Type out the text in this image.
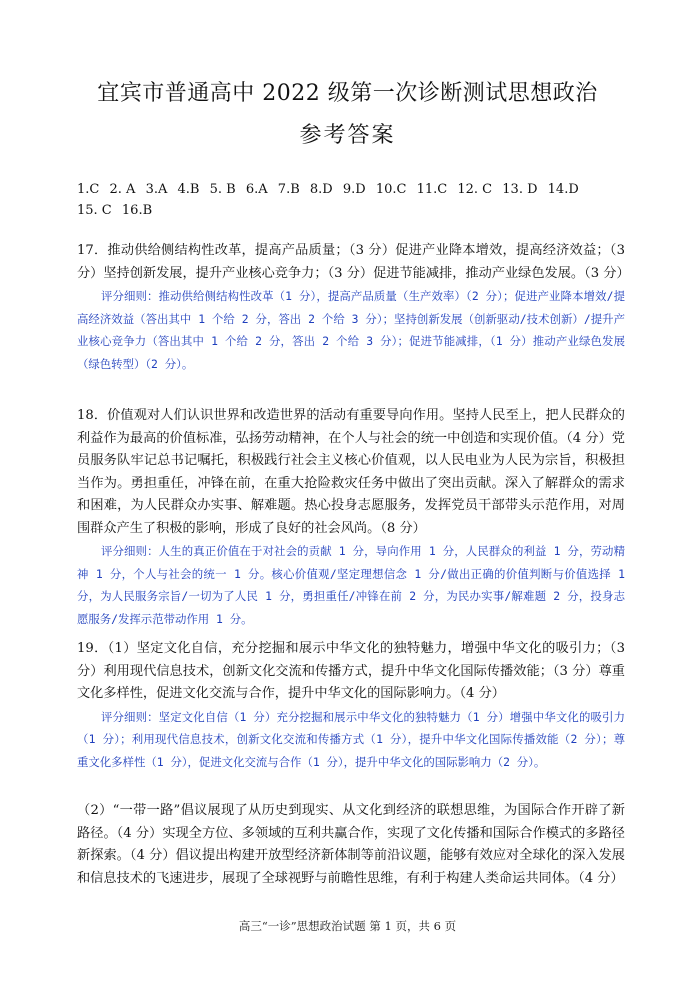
宜宾市普通高中 2022 级第一次诊断测试思想政治
参考答案
1.C 2. A 3.A 4.B 5. B 6.A 7.B 8.D 9.D 10.C 11.C 12. C 13. D 14.D 15. C 16.B
17．推动供给侧结构性改革，提高产品质量；（3 分）促进产业降本增效，提高经济效益；（3 分）坚持创新发展，提升产业核心竞争力；（3 分）促进节能减排，推动产业绿色发展。（3 分）
评分细则：推动供给侧结构性改革（1 分），提高产品质量（生产效率）（2 分）；促进产业降本增效/提高经济效益（答出其中 1 个给 2 分，答出 2 个给 3 分）；坚持创新发展（创新驱动/技术创新）/提升产业核心竞争力（答出其中 1 个给 2 分，答出 2 个给 3 分）；促进节能减排，（1 分）推动产业绿色发展（绿色转型）（2 分）。
18．价值观对人们认识世界和改造世界的活动有重要导向作用。坚持人民至上，把人民群众的利益作为最高的价值标准，弘扬劳动精神，在个人与社会的统一中创造和实现价值。（4 分）党员服务队牢记总书记嘱托，积极践行社会主义核心价值观，以人民电业为人民为宗旨，积极担当作为。勇担重任，冲锋在前，在重大抢险救灾任务中做出了突出贡献。深入了解群众的需求和困难，为人民群众办实事、解难题。热心投身志愿服务，发挥党员干部带头示范作用，对周围群众产生了积极的影响，形成了良好的社会风尚。（8 分）
评分细则：人生的真正价值在于对社会的贡献 1 分，导向作用 1 分，人民群众的利益 1 分，劳动精神 1 分，个人与社会的统一 1 分。核心价值观/坚定理想信念 1 分/做出正确的价值判断与价值选择 1 分，为人民服务宗旨/一切为了人民 1 分，勇担重任/冲锋在前 2 分，为民办实事/解难题 2 分，投身志愿服务/发挥示范带动作用 1 分。
19．（1）坚定文化自信，充分挖掘和展示中华文化的独特魅力，增强中华文化的吸引力；（3 分）利用现代信息技术，创新文化交流和传播方式，提升中华文化国际传播效能；（3 分）尊重文化多样性，促进文化交流与合作，提升中华文化的国际影响力。（4 分）
评分细则：坚定文化自信（1 分）充分挖掘和展示中华文化的独特魅力（1 分）增强中华文化的吸引力（1 分）；利用现代信息技术，创新文化交流和传播方式（1 分），提升中华文化国际传播效能（2 分）；尊重文化多样性（1 分），促进文化交流与合作（1 分），提升中华文化的国际影响力（2 分）。
（2）“一带一路”倡议展现了从历史到现实、从文化到经济的联想思维，为国际合作开辟了新路径。（4 分）实现全方位、多领域的互利共赢合作，实现了文化传播和国际合作模式的多路径新探索。（4 分）倡议提出构建开放型经济新体制等前沿议题，能够有效应对全球化的深入发展和信息技术的飞速进步，展现了全球视野与前瞻性思维，有利于构建人类命运共同体。（4 分）
高三“一诊”思想政治试题 第 1 页，共 6 页
